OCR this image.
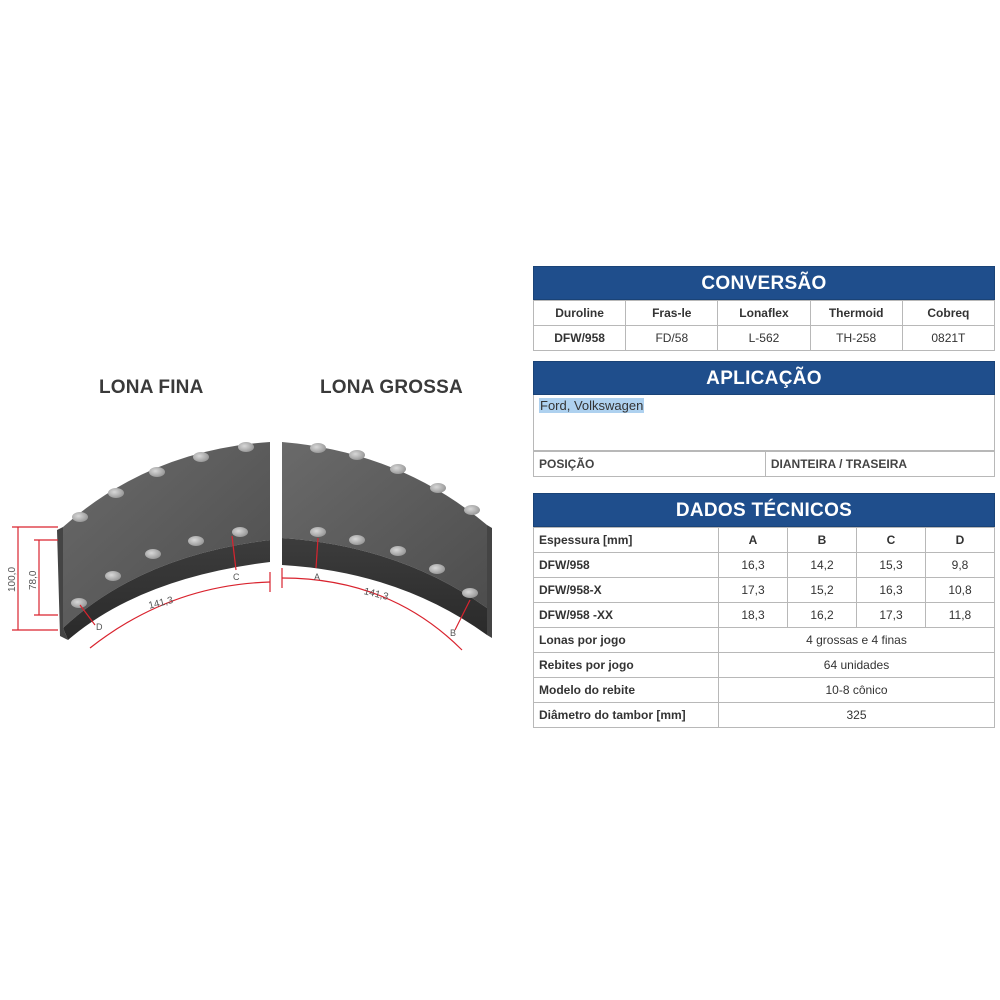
LONA FINA	LONA GROSSA
100,0 78,0
141,3
141,3
A
B
C
D
CONVERSÃO
Duroline	Fras-le	Lonaflex	Thermoid	Cobreq
DFW/958	FD/58	L-562	TH-258	0821T
APLICAÇÃO
Ford, Volkswagen
POSIÇÃO	DIANTEIRA / TRASEIRA
DADOS TÉCNICOS
Espessura [mm]	A	B	C	D
DFW/958	16,3	14,2	15,3	9,8
DFW/958-X	17,3	15,2	16,3	10,8
DFW/958 -XX	18,3	16,2	17,3	11,8
Lonas por jogo	4 grossas e 4 finas			
Rebites por jogo	64 unidades			
Modelo do rebite	10-8 cônico			
Diâmetro do tambor [mm]	325			
